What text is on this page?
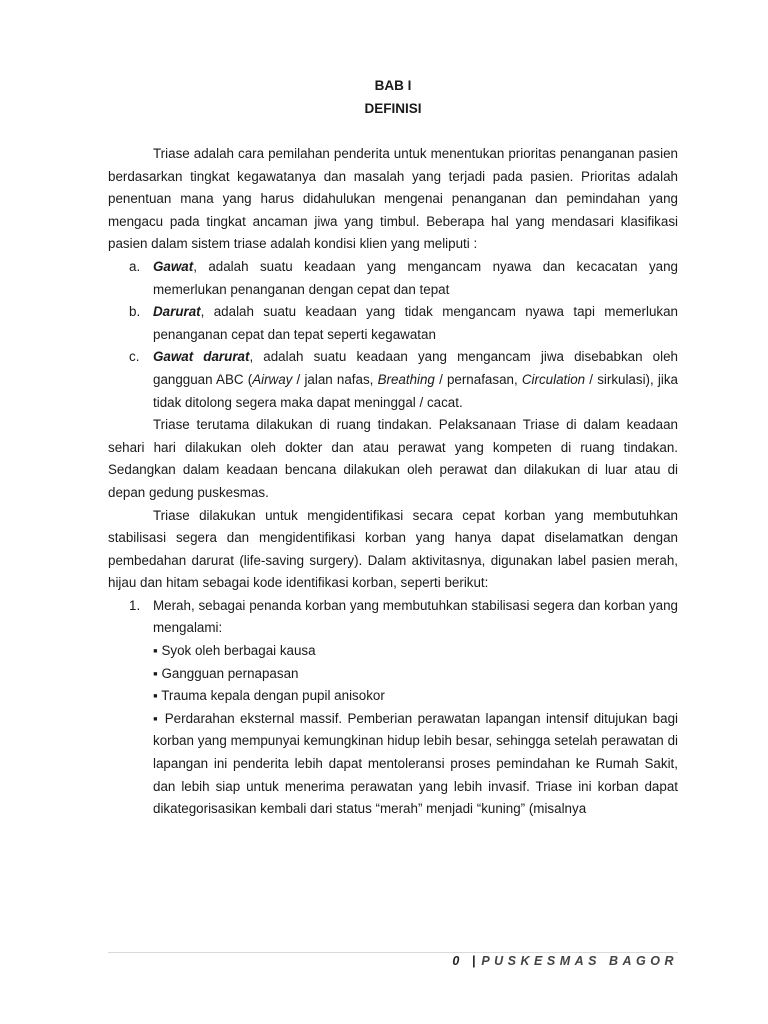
BAB I
DEFINISI

Triase adalah cara pemilahan penderita untuk menentukan prioritas penanganan pasien berdasarkan tingkat kegawatanya dan masalah yang terjadi pada pasien. Prioritas adalah penentuan mana yang harus didahulukan mengenai penanganan dan pemindahan yang mengacu pada tingkat ancaman jiwa yang timbul. Beberapa hal yang mendasari klasifikasi pasien dalam sistem triase adalah kondisi klien yang meliputi :

a. Gawat, adalah suatu keadaan yang mengancam nyawa dan kecacatan yang memerlukan penanganan dengan cepat dan tepat

b. Darurat, adalah suatu keadaan yang tidak mengancam nyawa tapi memerlukan penanganan cepat dan tepat seperti kegawatan

c. Gawat darurat, adalah suatu keadaan yang mengancam jiwa disebabkan oleh gangguan ABC (Airway / jalan nafas, Breathing / pernafasan, Circulation / sirkulasi), jika tidak ditolong segera maka dapat meninggal / cacat.

Triase terutama dilakukan di ruang tindakan. Pelaksanaan Triase di dalam keadaan sehari hari dilakukan oleh dokter dan atau perawat yang kompeten di ruang tindakan. Sedangkan dalam keadaan bencana dilakukan oleh perawat dan dilakukan di luar atau di depan gedung puskesmas.

Triase dilakukan untuk mengidentifikasi secara cepat korban yang membutuhkan stabilisasi segera dan mengidentifikasi korban yang hanya dapat diselamatkan dengan pembedahan darurat (life-saving surgery). Dalam aktivitasnya, digunakan label pasien merah, hijau dan hitam sebagai kode identifikasi korban, seperti berikut:

1. Merah, sebagai penanda korban yang membutuhkan stabilisasi segera dan korban yang mengalami:

▪ Syok oleh berbagai kausa

▪ Gangguan pernapasan

▪ Trauma kepala dengan pupil anisokor

▪ Perdarahan eksternal massif. Pemberian perawatan lapangan intensif ditujukan bagi korban yang mempunyai kemungkinan hidup lebih besar, sehingga setelah perawatan di lapangan ini penderita lebih dapat mentoleransi proses pemindahan ke Rumah Sakit, dan lebih siap untuk menerima perawatan yang lebih invasif. Triase ini korban dapat dikategorisasikan kembali dari status “merah” menjadi “kuning” (misalnya

0 | PUSKESMAS BAGOR
